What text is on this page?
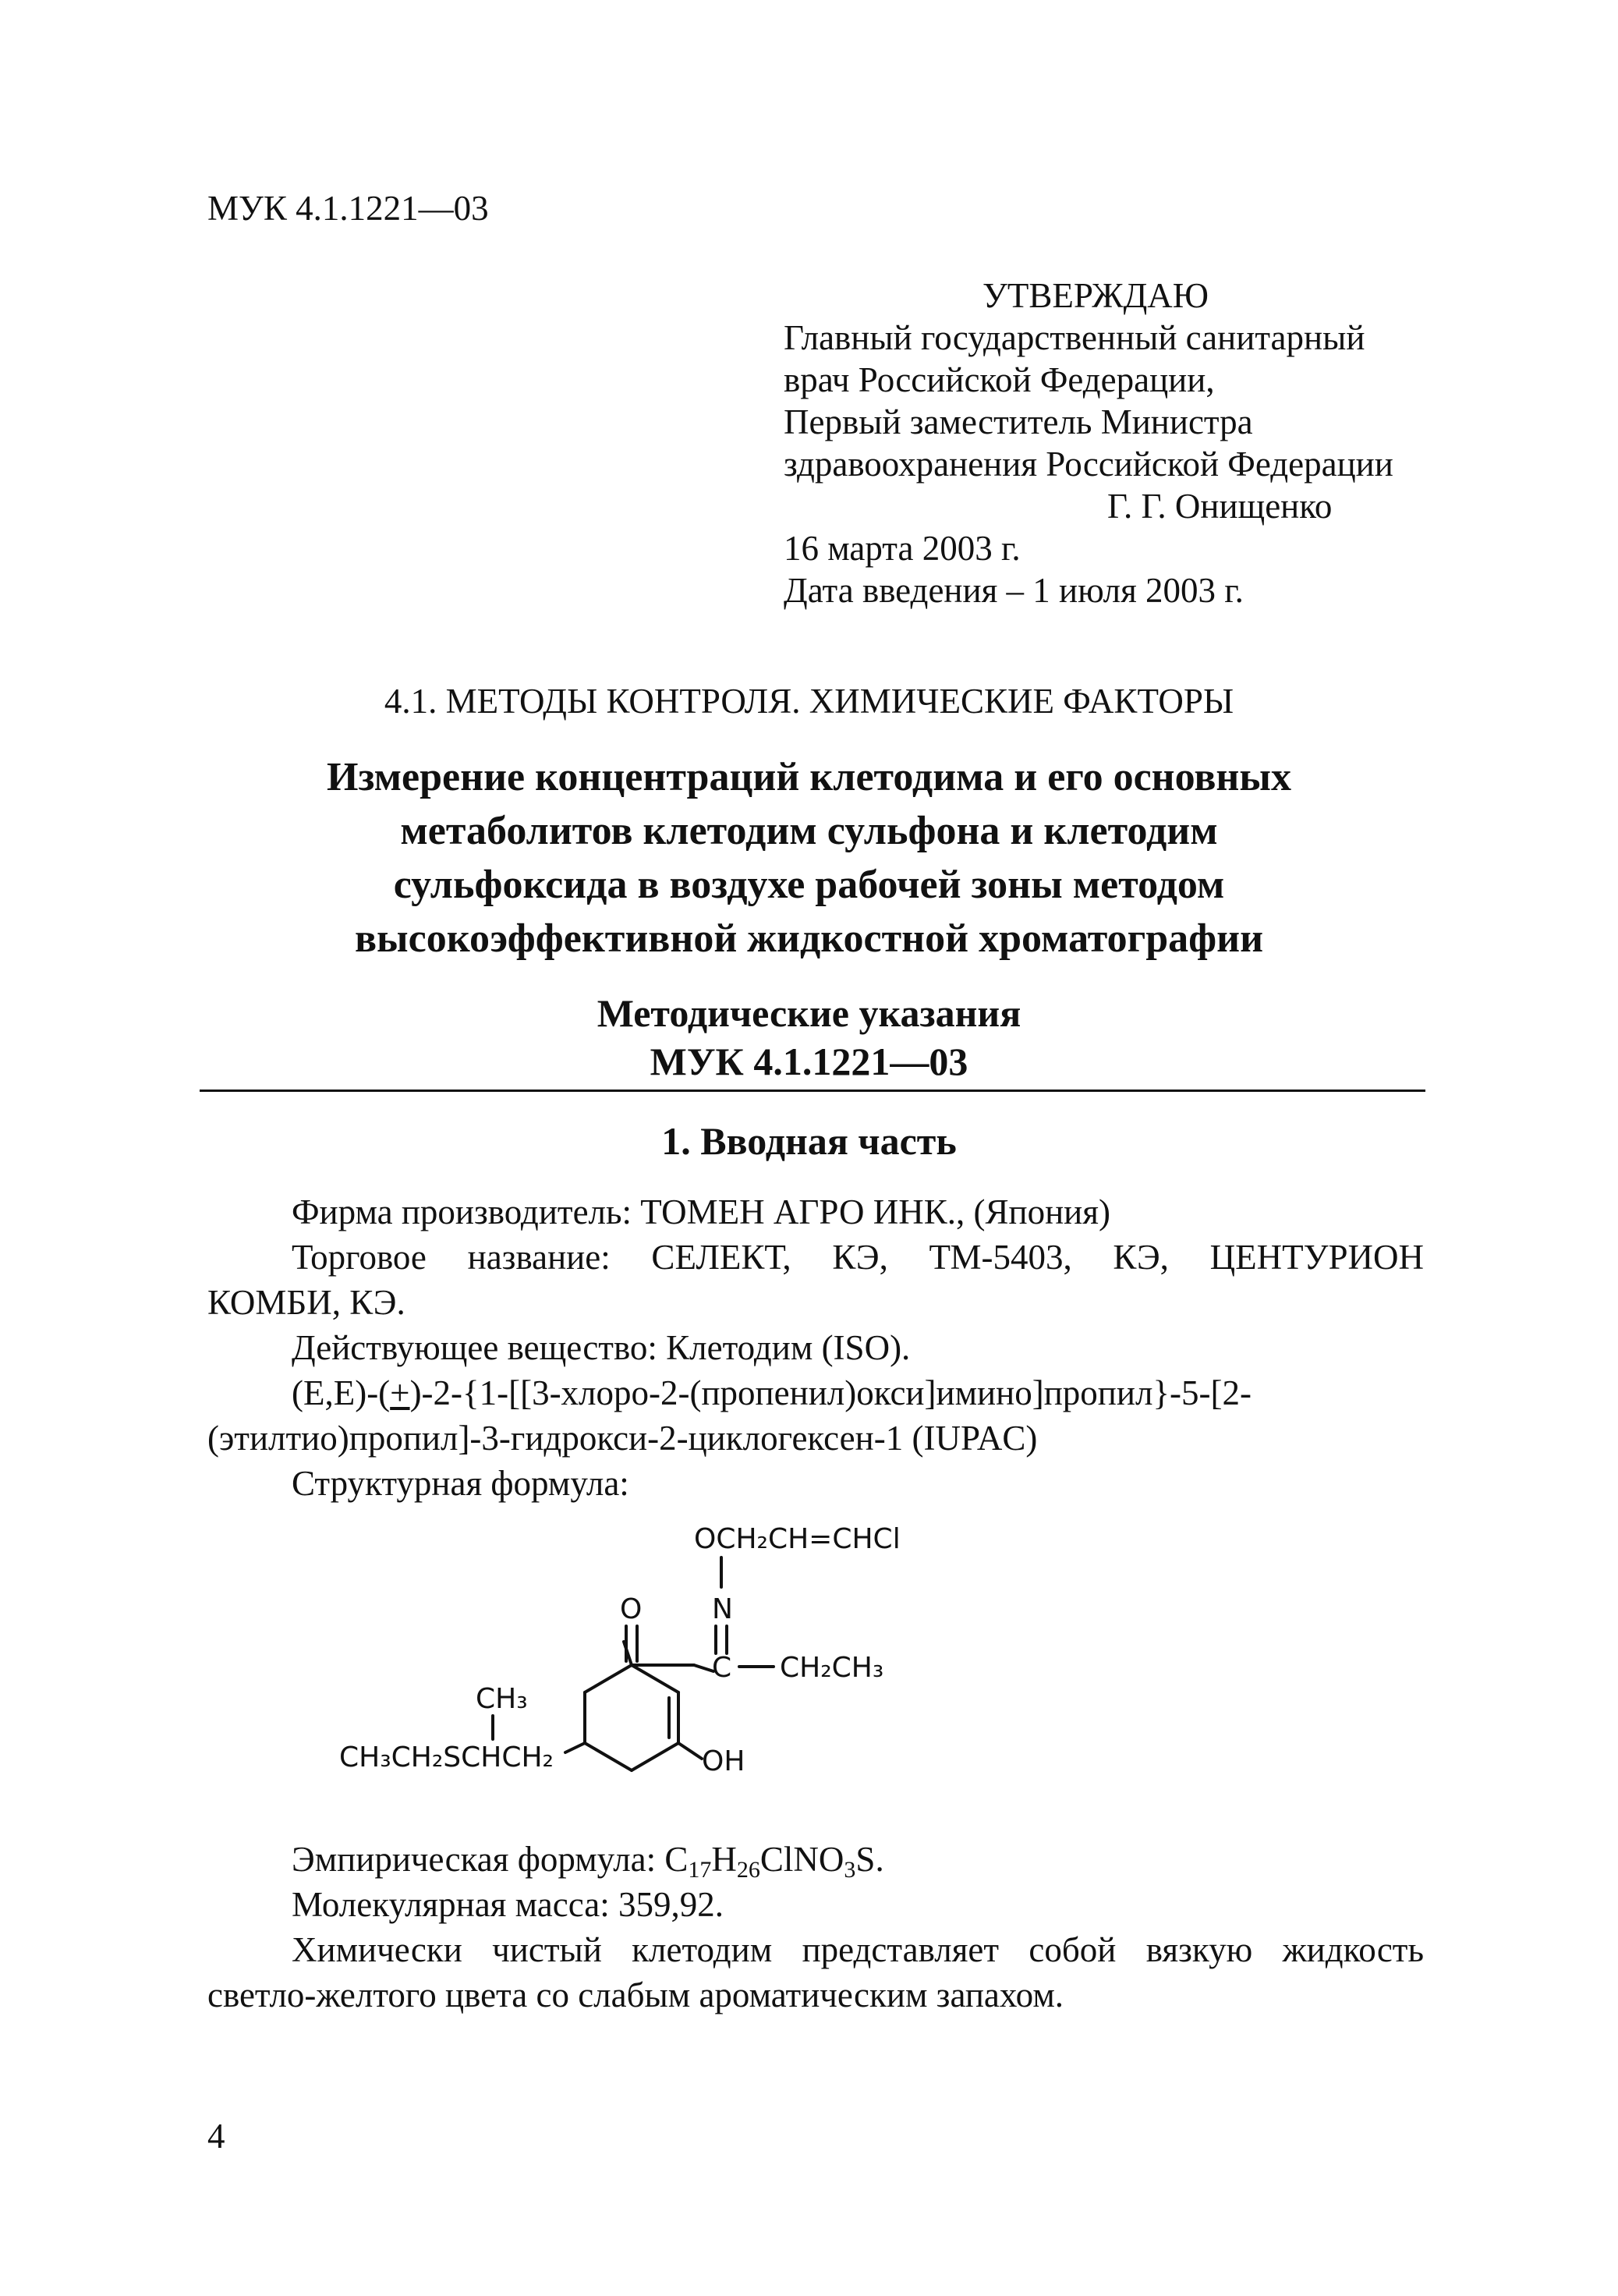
МУК 4.1.1221—03
УТВЕРЖДАЮ
Главный государственный санитарный
врач Российской Федерации,
Первый заместитель Министра
здравоохранения Российской Федерации
Г. Г. Онищенко
16 марта 2003 г.
Дата введения – 1 июля 2003 г.
4.1. МЕТОДЫ КОНТРОЛЯ. ХИМИЧЕСКИЕ ФАКТОРЫ
Измерение концентраций клетодима и его основных
метаболитов клетодим сульфона и клетодим
сульфоксида в воздухе рабочей зоны методом
высокоэффективной жидкостной хроматографии
Методические указания
МУК 4.1.1221—03
1. Вводная часть

Фирма производитель: ТОМЕН АГРО ИНК., (Япония)

Торговое название: СЕЛЕКТ, КЭ, ТМ-5403, КЭ, ЦЕНТУРИОН

КОМБИ, КЭ.

Действующее вещество: Клетодим (ISO).

(Е,Е)-(+)-2-{1-[[3-хлоро-2-(пропенил)окси]имино]пропил}-5-[2-

(этилтио)пропил]-3-гидрокси-2-циклогексен-1 (IUPAC)

Структурная формула:

OCH₂CH=CHCl
N
O
C CH₂CH₃
CH₃
CH₃CH₂SCHCH₂	OH

Эмпирическая формула: $C_{17}H_{26}ClNO_3S$.

Молекулярная масса: 359,92.

Химически чистый клетодим представляет собой вязкую жидкость

светло-желтого цвета со слабым ароматическим запахом.

4
